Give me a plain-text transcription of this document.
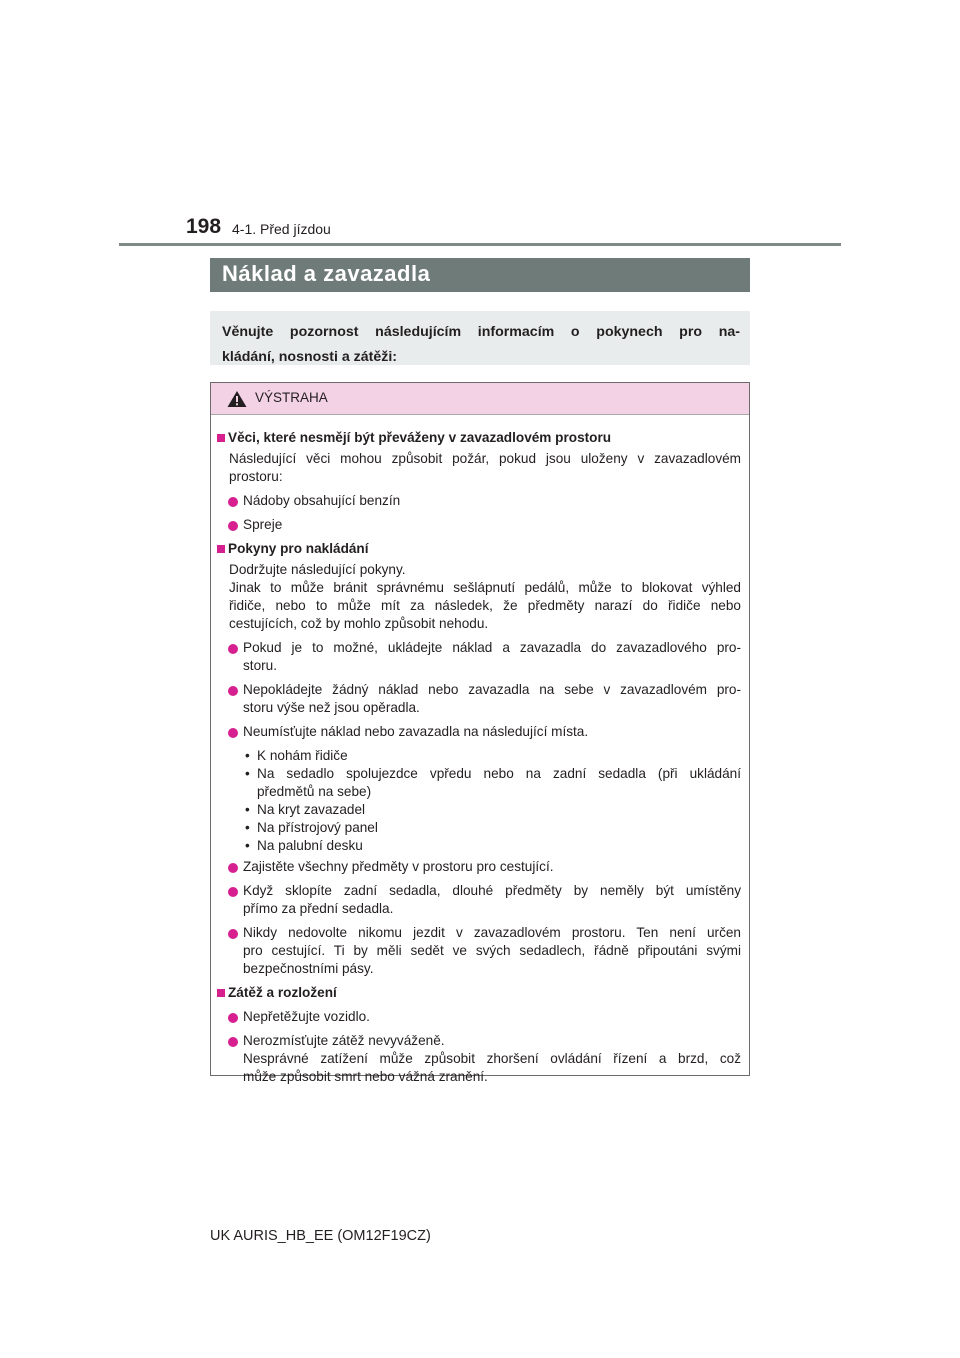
198 4-1. Před jízdou
Náklad a zavazadla

Věnujte pozornost následujícím informacím o pokynech pro na-
kládání, nosnosti a zátěži:

VÝSTRAHA
Věci, které nesmějí být převáženy v zavazadlovém prostoru
Následující věci mohou způsobit požár, pokud jsou uloženy v zavazadlovém
prostoru:
Nádoby obsahující benzín
Spreje
Pokyny pro nakládání
Dodržujte následující pokyny.
Jinak to může bránit správnému sešlápnutí pedálů, může to blokovat výhled
řidiče, nebo to může mít za následek, že předměty narazí do řidiče nebo
cestujících, což by mohlo způsobit nehodu.
Pokud je to možné, ukládejte náklad a zavazadla do zavazadlového pro-
storu.
Nepokládejte žádný náklad nebo zavazadla na sebe v zavazadlovém pro-
storu výše než jsou opěradla.
Neumísťujte náklad nebo zavazadla na následující místa.
• K nohám řidiče
• Na sedadlo spolujezdce vpředu nebo na zadní sedadla (při ukládání
předmětů na sebe)
• Na kryt zavazadel
• Na přístrojový panel
• Na palubní desku
Zajistěte všechny předměty v prostoru pro cestující.
Když sklopíte zadní sedadla, dlouhé předměty by neměly být umístěny
přímo za přední sedadla.
Nikdy nedovolte nikomu jezdit v zavazadlovém prostoru. Ten není určen
pro cestující. Ti by měli sedět ve svých sedadlech, řádně připoutáni svými
bezpečnostními pásy.
Zátěž a rozložení
Nepřetěžujte vozidlo.
Nerozmísťujte zátěž nevyváženě.
Nesprávné zatížení může způsobit zhoršení ovládání řízení a brzd, což
může způsobit smrt nebo vážná zranění.
UK AURIS_HB_EE (OM12F19CZ)
